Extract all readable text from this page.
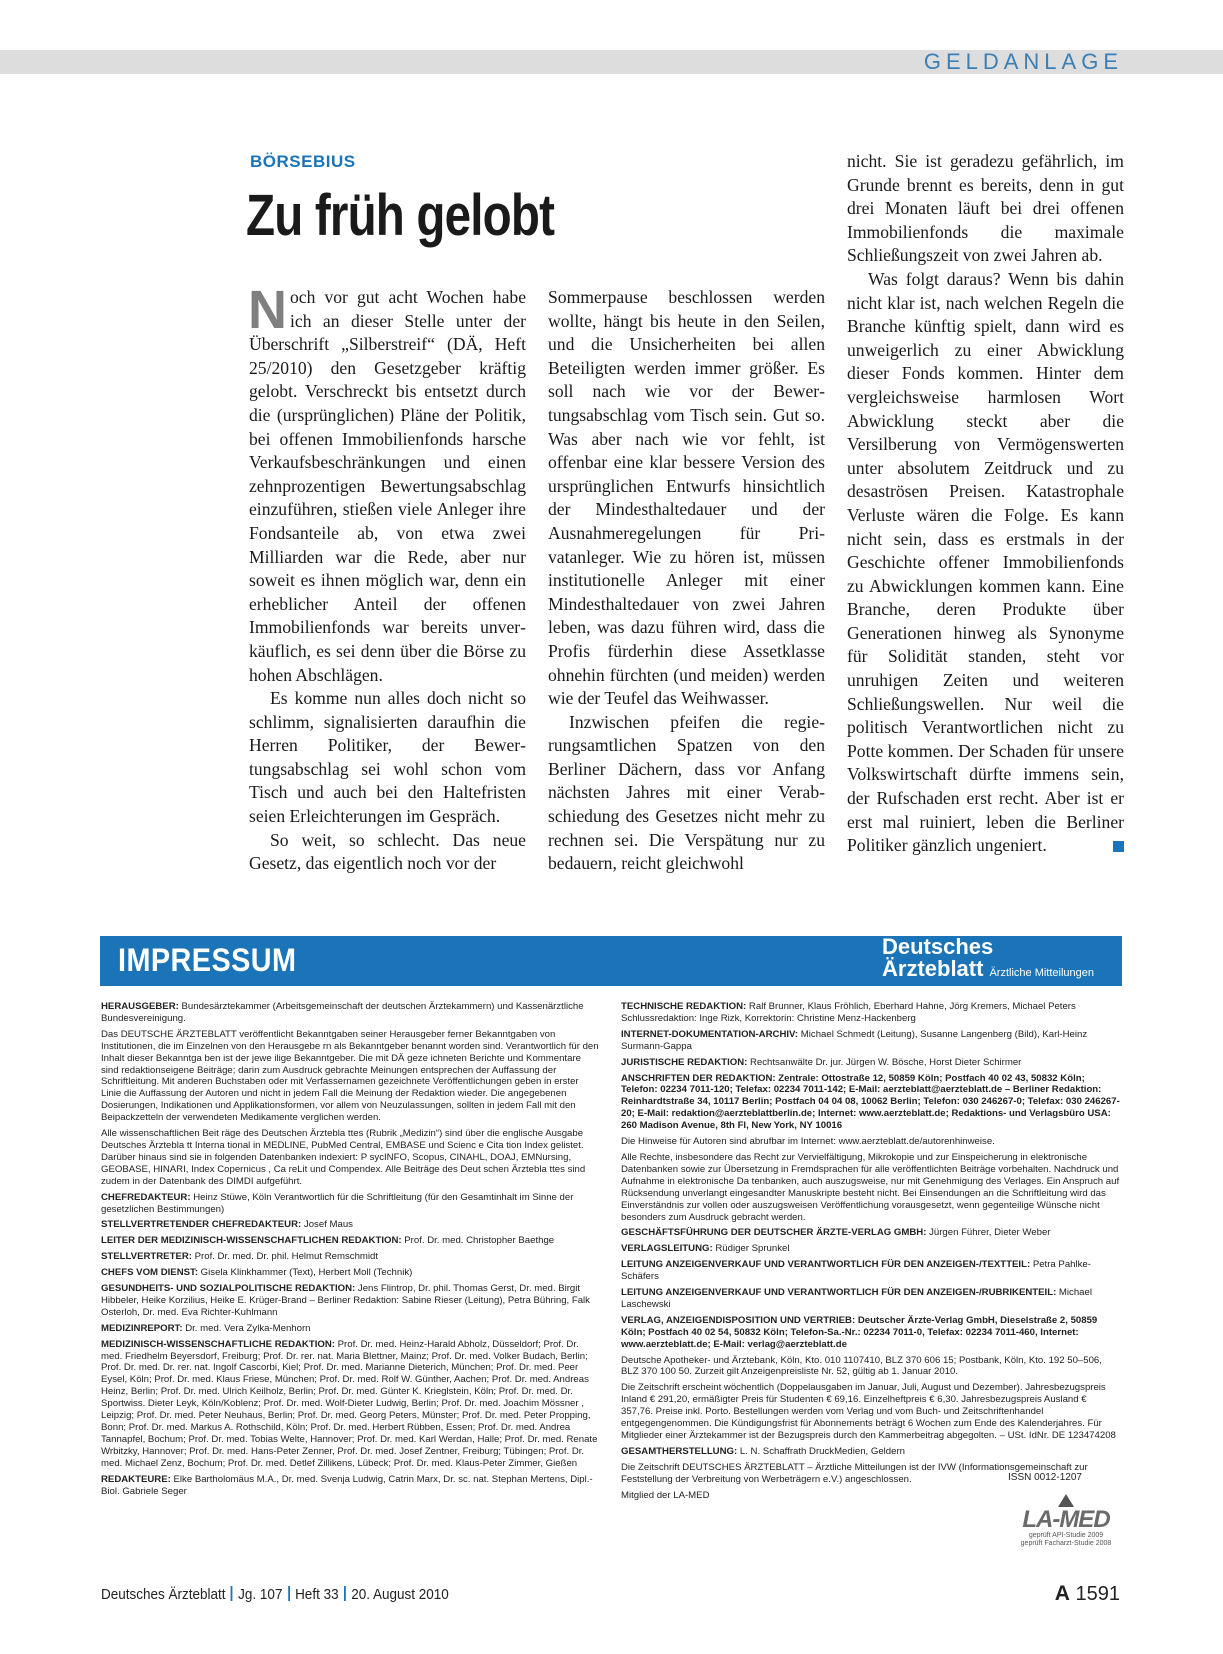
GELDANLAGE
BÖRSEBIUS
Zu früh gelobt

Noch vor gut acht Wochen habe ich an dieser Stelle unter der Überschrift „Silberstreif“ (DÄ, Heft 25/2010) den Gesetzgeber kräftig gelobt. Verschreckt bis entsetzt durch die (ursprünglichen) Pläne der Politik, bei offenen Immobilienfonds harsche Verkaufsbeschränkungen und einen zehnprozentigen Bewertungsabschlag einzuführen, stießen viele Anleger ihre Fondsanteile ab, von etwa zwei Milliarden war die Rede, aber nur soweit es ihnen möglich war, denn ein erheblicher Anteil der offenen Immobilienfonds war bereits unverkäuflich, es sei denn über die Börse zu hohen Abschlägen.

Es komme nun alles doch nicht so schlimm, signalisierten daraufhin die Herren Politiker, der Bewertungsabschlag sei wohl schon vom Tisch und auch bei den Haltefristen seien Erleichterungen im Gespräch.

So weit, so schlecht. Das neue Gesetz, das eigentlich noch vor der

Sommerpause beschlossen werden wollte, hängt bis heute in den Seilen, und die Unsicherheiten bei allen Beteiligten werden immer größer. Es soll nach wie vor der Bewertungsabschlag vom Tisch sein. Gut so. Was aber nach wie vor fehlt, ist offenbar eine klar bessere Version des ursprünglichen Entwurfs hinsichtlich der Mindesthaltedauer und der Ausnahmeregelungen für Privatanleger. Wie zu hören ist, müssen institutionelle Anleger mit einer Mindesthaltedauer von zwei Jahren leben, was dazu führen wird, dass die Profis fürderhin diese Assetklasse ohnehin fürchten (und meiden) werden wie der Teufel das Weihwasser.

Inzwischen pfeifen die regierungsamtlichen Spatzen von den Berliner Dächern, dass vor Anfang nächsten Jahres mit einer Verabschiedung des Gesetzes nicht mehr zu rechnen sei. Die Verspätung nur zu bedauern, reicht gleichwohl

nicht. Sie ist geradezu gefährlich, im Grunde brennt es bereits, denn in gut drei Monaten läuft bei drei offenen Immobilienfonds die maximale Schließungszeit von zwei Jahren ab.

Was folgt daraus? Wenn bis dahin nicht klar ist, nach welchen Regeln die Branche künftig spielt, dann wird es unweigerlich zu einer Abwicklung dieser Fonds kommen. Hinter dem vergleichsweise harmlosen Wort Abwicklung steckt aber die Versilberung von Vermögenswerten unter absolutem Zeitdruck und zu desaströsen Preisen. Katastrophale Verluste wären die Folge. Es kann nicht sein, dass es erstmals in der Geschichte offener Immobilienfonds zu Abwicklungen kommen kann. Eine Branche, deren Produkte über Generationen hinweg als Synonyme für Solidität standen, steht vor unruhigen Zeiten und weiteren Schließungswellen. Nur weil die politisch Verantwortlichen nicht zu Potte kommen. Der Schaden für unsere Volkswirtschaft dürfte immens sein, der Rufschaden erst recht. Aber ist er erst mal ruiniert, leben die Berliner Politiker gänzlich ungeniert.

IMPRESSUM	Deutsches
Ärzteblatt Ärztliche Mitteilungen
HERAUSGEBER: Bundesärztekammer (Arbeitsgemeinschaft der deutschen Ärztekammern) und Kassenärztliche Bundesvereinigung.
Das DEUTSCHE ÄRZTEBLATT veröffentlicht Bekanntgaben seiner Herausgeber ferner Bekanntgaben von Institutionen, die im Einzelnen von den Herausgebe rn als Bekanntgeber benannt worden sind. Verantwortlich für den Inhalt dieser Bekanntga ben ist der jewe ilige Bekanntgeber. Die mit DÄ geze ichneten Berichte und Kommentare sind redaktionseigene Beiträge; darin zum Ausdruck gebrachte Meinungen entsprechen der Auffassung der Schriftleitung. Mit anderen Buchstaben oder mit Verfassernamen gezeichnete Veröffentlichungen geben in erster Linie die Auffassung der Autoren und nicht in jedem Fall die Meinung der Redaktion wieder. Die angegebenen Dosierungen, Indikationen und Applikationsformen, vor allem von Neuzulassungen, sollten in jedem Fall mit den Beipackzetteln der verwendeten Medikamente verglichen werden.
Alle wissenschaftlichen Beit räge des Deutschen Ärztebla ttes (Rubrik „Medizin“) sind über die englische Ausgabe Deutsches Ärztebla tt Interna tional in MEDLINE, PubMed Central, EMBASE und Scienc e Cita tion Index gelistet. Darüber hinaus sind sie in folgenden Datenbanken indexiert: P sycINFO, Scopus, CINAHL, DOAJ, EMNursing, GEOBASE, HINARI, Index Copernicus , Ca reLit und Compendex. Alle Beiträge des Deut schen Ärztebla ttes sind zudem in der Datenbank des DIMDI aufgeführt.
CHEFREDAKTEUR: Heinz Stüwe, Köln Verantwortlich für die Schriftleitung (für den Gesamtinhalt im Sinne der gesetzlichen Bestimmungen)
STELLVERTRETENDER CHEFREDAKTEUR: Josef Maus
LEITER DER MEDIZINISCH-WISSENSCHAFTLICHEN REDAKTION: Prof. Dr. med. Christopher Baethge
STELLVERTRETER: Prof. Dr. med. Dr. phil. Helmut Remschmidt
CHEFS VOM DIENST: Gisela Klinkhammer (Text), Herbert Moll (Technik)
GESUNDHEITS- UND SOZIALPOLITISCHE REDAKTION: Jens Flintrop, Dr. phil. Thomas Gerst, Dr. med. Birgit Hibbeler, Heike Korzilius, Heike E. Krüger-Brand – Berliner Redaktion: Sabine Rieser (Leitung), Petra Bühring, Falk Osterloh, Dr. med. Eva Richter-Kuhlmann
MEDIZINREPORT: Dr. med. Vera Zylka-Menhorn
MEDIZINISCH-WISSENSCHAFTLICHE REDAKTION: Prof. Dr. med. Heinz-Harald Abholz, Düsseldorf; Prof. Dr. med. Friedhelm Beyersdorf, Freiburg; Prof. Dr. rer. nat. Maria Blettner, Mainz; Prof. Dr. med. Volker Budach, Berlin; Prof. Dr. med. Dr. rer. nat. Ingolf Cascorbi, Kiel; Prof. Dr. med. Marianne Dieterich, München; Prof. Dr. med. Peer Eysel, Köln; Prof. Dr. med. Klaus Friese, München; Prof. Dr. med. Rolf W. Günther, Aachen; Prof. Dr. med. Andreas Heinz, Berlin; Prof. Dr. med. Ulrich Keilholz, Berlin; Prof. Dr. med. Günter K. Krieglstein, Köln; Prof. Dr. med. Dr. Sportwiss. Dieter Leyk, Köln/Koblenz; Prof. Dr. med. Wolf-Dieter Ludwig, Berlin; Prof. Dr. med. Joachim Mössner , Leipzig; Prof. Dr. med. Peter Neuhaus, Berlin; Prof. Dr. med. Georg Peters, Münster; Prof. Dr. med. Peter Propping, Bonn; Prof. Dr. med. Markus A. Rothschild, Köln; Prof. Dr. med. Herbert Rübben, Essen; Prof. Dr. med. Andrea Tannapfel, Bochum; Prof. Dr. med. Tobias Welte, Hannover; Prof. Dr. med. Karl Werdan, Halle; Prof. Dr. med. Renate Wrbitzky, Hannover; Prof. Dr. med. Hans-Peter Zenner, Prof. Dr. med. Josef Zentner, Freiburg; Tübingen; Prof. Dr. med. Michael Zenz, Bochum; Prof. Dr. med. Detlef Zillikens, Lübeck; Prof. Dr. med. Klaus-Peter Zimmer, Gießen
REDAKTEURE: Elke Bartholomäus M.A., Dr. med. Svenja Ludwig, Catrin Marx, Dr. sc. nat. Stephan Mertens, Dipl.-Biol. Gabriele Seger
TECHNISCHE REDAKTION: Ralf Brunner, Klaus Fröhlich, Eberhard Hahne, Jörg Kremers, Michael Peters Schlussredaktion: Inge Rizk, Korrektorin: Christine Menz-Hackenberg
INTERNET-DOKUMENTATION-ARCHIV: Michael Schmedt (Leitung), Susanne Langenberg (Bild), Karl-Heinz Surmann-Gappa
JURISTISCHE REDAKTION: Rechtsanwälte Dr. jur. Jürgen W. Bösche, Horst Dieter Schirmer
ANSCHRIFTEN DER REDAKTION: Zentrale: Ottostraße 12, 50859 Köln; Postfach 40 02 43, 50832 Köln; Telefon: 02234 7011-120; Telefax: 02234 7011-142; E-Mail: aerzteblatt@aerzteblatt.de – Berliner Redaktion: Reinhardtstraße 34, 10117 Berlin; Postfach 04 04 08, 10062 Berlin; Telefon: 030 246267-0; Telefax: 030 246267-20; E-Mail: redaktion@aerzteblattberlin.de; Internet: www.aerzteblatt.de; Redaktions- und Verlagsbüro USA: 260 Madison Avenue, 8th Fl, New York, NY 10016
Die Hinweise für Autoren sind abrufbar im Internet: www.aerzteblatt.de/autorenhinweise.
Alle Rechte, insbesondere das Recht zur Vervielfältigung, Mikrokopie und zur Einspeicherung in elektronische Datenbanken sowie zur Übersetzung in Fremdsprachen für alle veröffentlichten Beiträge vorbehalten. Nachdruck und Aufnahme in elektronische Da tenbanken, auch auszugsweise, nur mit Genehmigung des Verlages. Ein Anspruch auf Rücksendung unverlangt eingesandter Manuskripte besteht nicht. Bei Einsendungen an die Schriftleitung wird das Einverständnis zur vollen oder auszugsweisen Veröffentlichung vorausgesetzt, wenn gegenteilige Wünsche nicht besonders zum Ausdruck gebracht werden.
GESCHÄFTSFÜHRUNG DER DEUTSCHER ÄRZTE-VERLAG GMBH: Jürgen Führer, Dieter Weber
VERLAGSLEITUNG: Rüdiger Sprunkel
LEITUNG ANZEIGENVERKAUF UND VERANTWORTLICH FÜR DEN ANZEIGEN-/TEXTTEIL: Petra Pahlke-Schäfers
LEITUNG ANZEIGENVERKAUF UND VERANTWORTLICH FÜR DEN ANZEIGEN-/RUBRIKENTEIL: Michael Laschewski
VERLAG, ANZEIGENDISPOSITION UND VERTRIEB: Deutscher Ärzte-Verlag GmbH, Dieselstraße 2, 50859 Köln; Postfach 40 02 54, 50832 Köln; Telefon-Sa.-Nr.: 02234 7011-0, Telefax: 02234 7011-460, Internet: www.aerzteblatt.de; E-Mail: verlag@aerzteblatt.de
Deutsche Apotheker- und Ärztebank, Köln, Kto. 010 1107410, BLZ 370 606 15; Postbank, Köln, Kto. 192 50–506, BLZ 370 100 50. Zurzeit gilt Anzeigenpreisliste Nr. 52, gültig ab 1. Januar 2010.
Die Zeitschrift erscheint wöchentlich (Doppelausgaben im Januar, Juli, August und Dezember). Jahresbezugspreis Inland € 291,20, ermäßigter Preis für Studenten € 69,16. Einzelheftpreis € 6,30. Jahresbezugspreis Ausland € 357,76. Preise inkl. Porto. Bestellungen werden vom Verlag und vom Buch- und Zeitschriftenhandel entgegengenommen. Die Kündigungsfrist für Abonnements beträgt 6 Wochen zum Ende des Kalenderjahres. Für Mitglieder einer Ärztekammer ist der Bezugspreis durch den Kammerbeitrag abgegolten. – USt. IdNr. DE 123474208
GESAMTHERSTELLUNG: L. N. Schaffrath DruckMedien, Geldern
Die Zeitschrift DEUTSCHES ÄRZTEBLATT – Ärztliche Mitteilungen ist der IVW (Informationsgemeinschaft zur Feststellung der Verbreitung von Werbeträgern e.V.) angeschlossen.
Mitglied der LA-MED
ISSN 0012-1207
LA-MED
geprüft API-Studie 2009
geprüft Facharzt-Studie 2008
Deutsches Ärzteblatt Jg. 107 Heft 33 20. August 2010	A 1591
